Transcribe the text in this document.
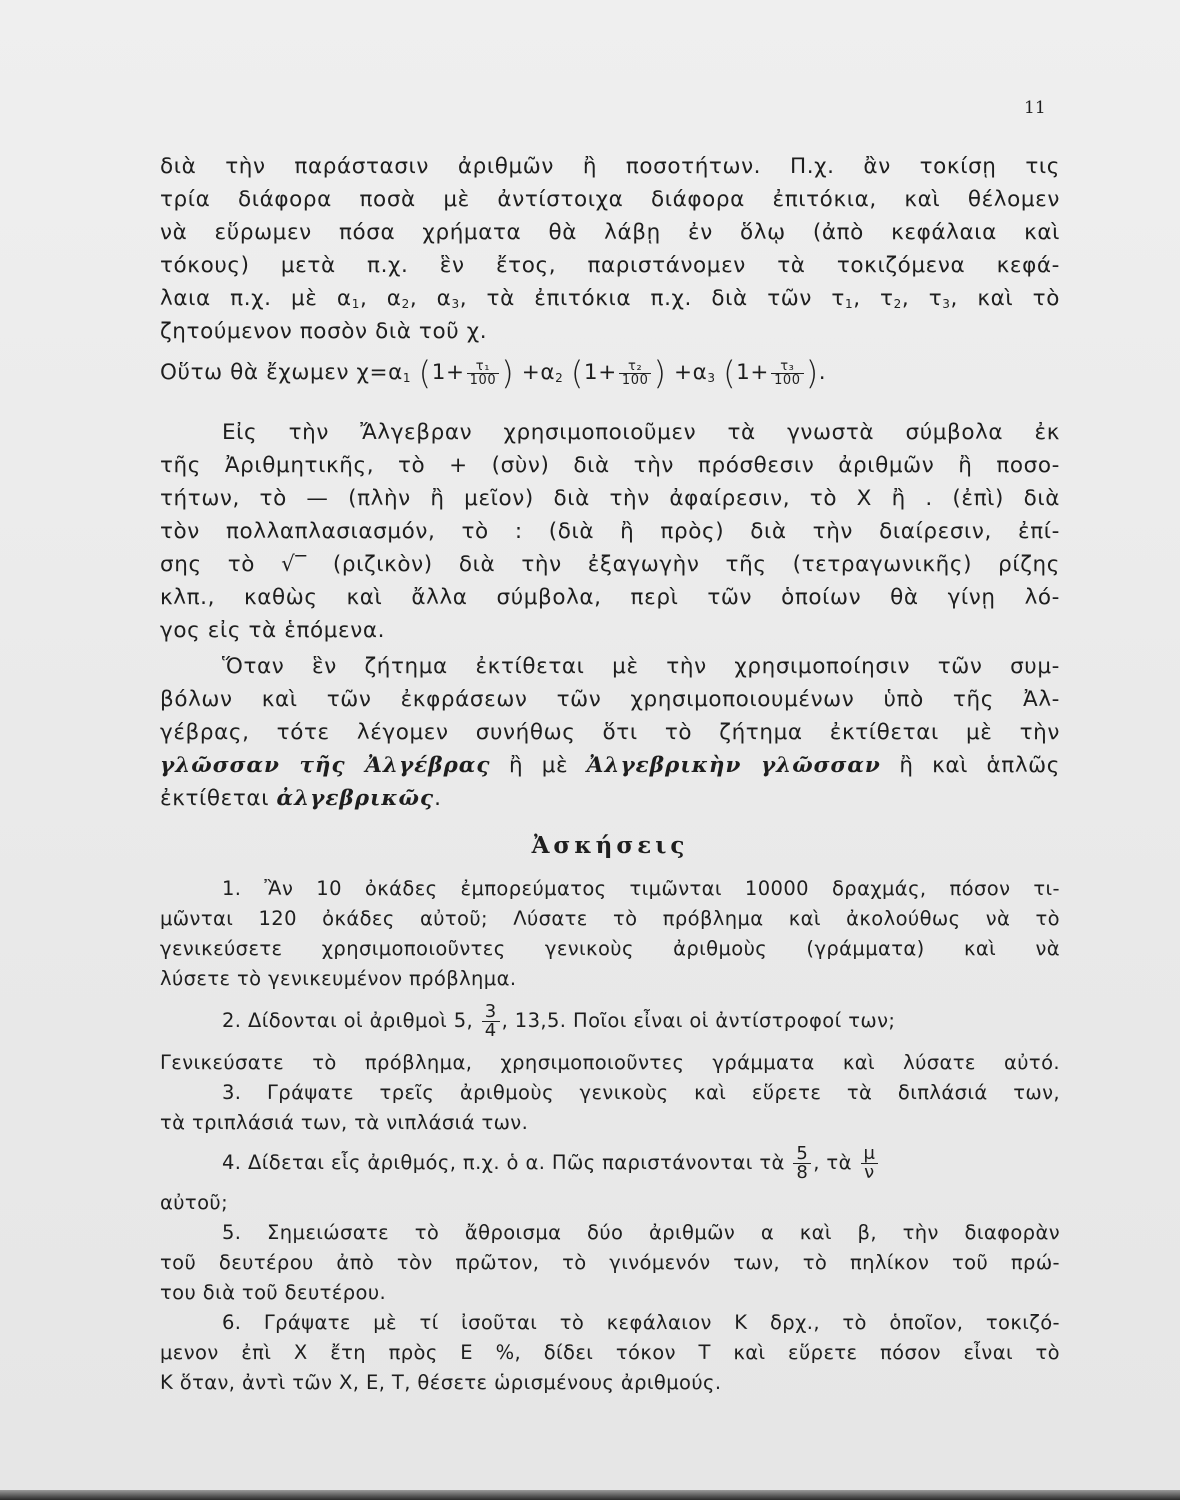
11
διὰ τὴν παράστασιν ἀριθμῶν ἢ ποσοτήτων. Π.χ. ἂν τοκίσῃ τις
τρία διάφορα ποσὰ μὲ ἀντίστοιχα διάφορα ἐπιτόκια, καὶ θέλομεν
νὰ εὕρωμεν πόσα χρήματα θὰ λάβῃ ἐν ὅλῳ (ἀπὸ κεφάλαια καὶ
τόκους) μετὰ π.χ. ἓν ἔτος, παριστάνομεν τὰ τοκιζόμενα κεφά-
λαια π.χ. μὲ $\alpha_1$, $\alpha_2$, $\alpha_3$, τὰ ἐπιτόκια π.χ. διὰ τῶν $\tau_1$, $\tau_2$, $\tau_3$, καὶ τὸ
ζητούμενον ποσὸν διὰ τοῦ χ.
Οὕτω θὰ ἔχωμεν $\chi=\alpha_1$ ($1+ \frac{\text{τ₁}}{100}$ ) $+\alpha_2$ ($1+ \frac{\text{τ₂}}{100}$ ) $+\alpha_3$ ($1+ \frac{\text{τ₃}}{100}$ ).
Εἰς τὴν Ἄλγεβραν χρησιμοποιοῦμεν τὰ γνωστὰ σύμβολα ἐκ
τῆς Ἀριθμητικῆς, τὸ + (σὺν) διὰ τὴν πρόσθεσιν ἀριθμῶν ἢ ποσο-
τήτων, τὸ — (πλὴν ἢ μεῖον) διὰ τὴν ἀφαίρεσιν, τὸ X ἢ . (ἐπὶ) διὰ
τὸν πολλαπλασιασμόν, τὸ : (διὰ ἢ πρὸς) διὰ τὴν διαίρεσιν, ἐπί-
σης τὸ √‾ (ριζικὸν) διὰ τὴν ἐξαγωγὴν τῆς (τετραγωνικῆς) ρίζης
κλπ., καθὼς καὶ ἄλλα σύμβολα, περὶ τῶν ὁποίων θὰ γίνῃ λό-
γος εἰς τὰ ἑπόμενα.
Ὅταν ἓν ζήτημα ἐκτίθεται μὲ τὴν χρησιμοποίησιν τῶν συμ-
βόλων καὶ τῶν ἐκφράσεων τῶν χρησιμοποιουμένων ὑπὸ τῆς Ἀλ-
γέβρας, τότε λέγομεν συνήθως ὅτι τὸ ζήτημα ἐκτίθεται μὲ τὴν
γλῶσσαν τῆς Ἀλγέβρας ἢ μὲ Ἀλγεβρικὴν γλῶσσαν ἢ καὶ ἁπλῶς
ἐκτίθεται ἀλγεβρικῶς.
Ἀσκήσεις
1. Ἂν 10 ὀκάδες ἐμπορεύματος τιμῶνται 10000 δραχμάς, πόσον τι-
μῶνται 120 ὀκάδες αὐτοῦ; Λύσατε τὸ πρόβλημα καὶ ἀκολούθως νὰ τὸ
γενικεύσετε χρησιμοποιοῦντες γενικοὺς ἀριθμοὺς (γράμματα) καὶ νὰ
λύσετε τὸ γενικευμένον πρόβλημα.
2. Δίδονται οἱ ἀριθμοὶ 5, $\frac{3}{4}$ , 13,5. Ποῖοι εἶναι οἱ ἀντίστροφοί των;
Γενικεύσατε τὸ πρόβλημα, χρησιμοποιοῦντες γράμματα καὶ λύσατε αὐτό.
3. Γράψατε τρεῖς ἀριθμοὺς γενικοὺς καὶ εὕρετε τὰ διπλάσιά των,
τὰ τριπλάσιά των, τὰ νιπλάσιά των.
4. Δίδεται εἷς ἀριθμός, π.χ. ὁ α. Πῶς παριστάνονται τὰ $\frac{5}{8}$ , τὰ $\frac{\mu}{\nu}$
αὐτοῦ;
5. Σημειώσατε τὸ ἄθροισμα δύο ἀριθμῶν α καὶ β, τὴν διαφορὰν
τοῦ δευτέρου ἀπὸ τὸν πρῶτον, τὸ γινόμενόν των, τὸ πηλίκον τοῦ πρώ-
του διὰ τοῦ δευτέρου.
6. Γράψατε μὲ τί ἰσοῦται τὸ κεφάλαιον Κ δρχ., τὸ ὁποῖον, τοκιζό-
μενον ἐπὶ Χ ἔτη πρὸς Ε %, δίδει τόκον Τ καὶ εὕρετε πόσον εἶναι τὸ
Κ ὅταν, ἀντὶ τῶν Χ, Ε, Τ, θέσετε ὡρισμένους ἀριθμούς.
